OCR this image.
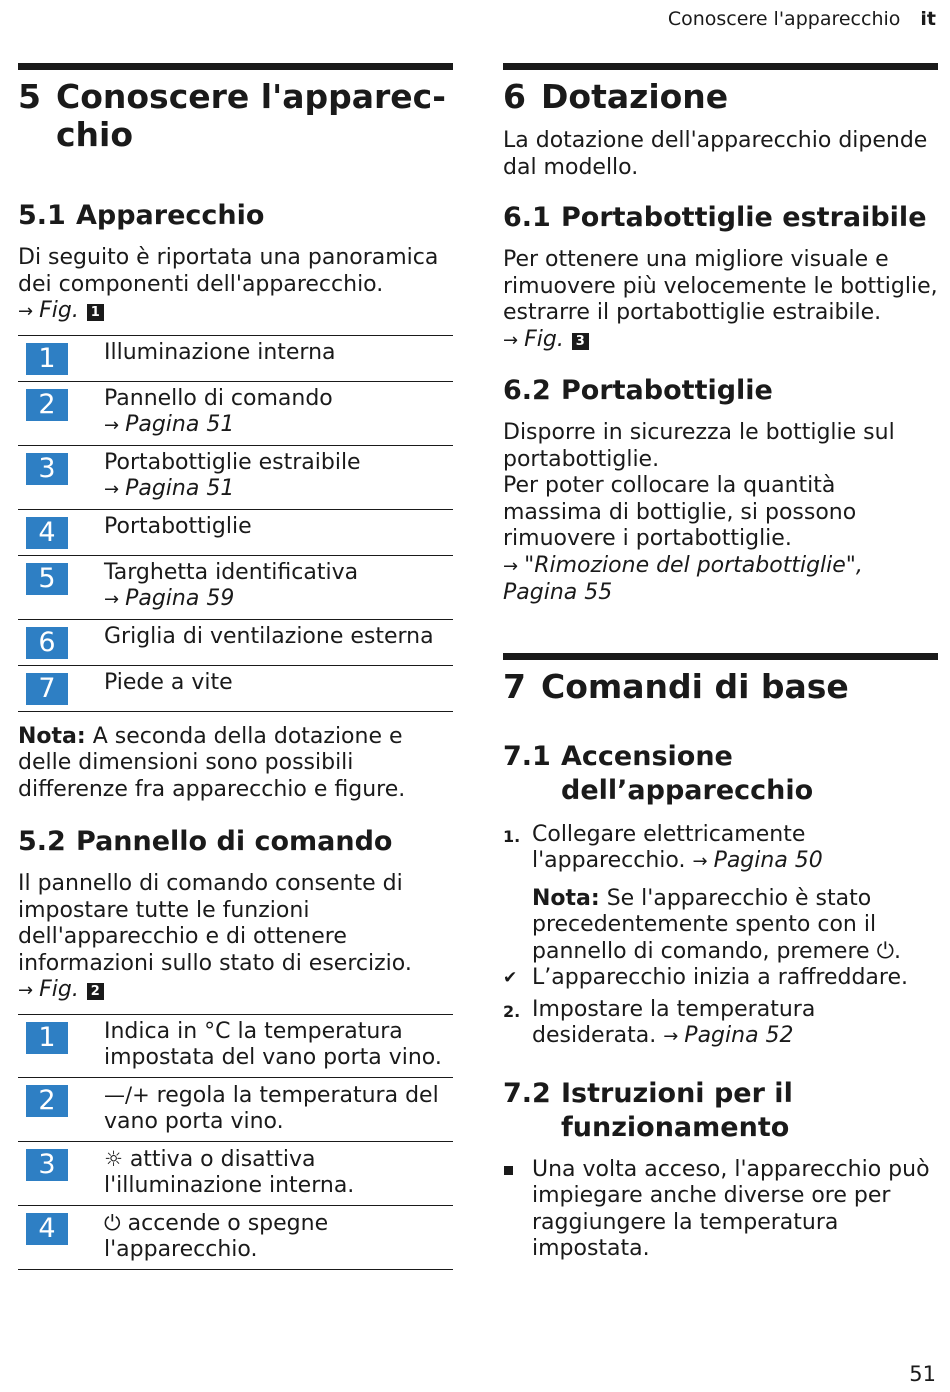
Conoscere l'apparecchio it
5 Conoscere l'apparec-chio
5.1 Apparecchio

Di seguito è riportata una panoramica dei componenti dell'apparecchio.

→ Fig. 1

1	Illuminazione interna

2	Pannello di comando
→ Pagina 51

3	Portabottiglie estraibile
→ Pagina 51

4	Portabottiglie

5	Targhetta identificativa
→ Pagina 59

6	Griglia di ventilazione esterna

7	Piede a vite

Nota: A seconda della dotazione e delle dimensioni sono possibili differenze fra apparecchio e figure.

5.2 Pannello di comando

Il pannello di comando consente di impostare tutte le funzioni dell'apparecchio e di ottenere informazioni sullo stato di esercizio.

→ Fig. 2

1	Indica in °C la temperatura impostata del vano porta vino.

2	—/+ regola la temperatura del vano porta vino.

3	☼ attiva o disattiva l'illuminazione interna.

4	⏻ accende o spegne l'apparecchio.
6 Dotazione

La dotazione dell'apparecchio dipende dal modello.

6.1 Portabottiglie estraibile

Per ottenere una migliore visuale e rimuovere più velocemente le bottiglie, estrarre il portabottiglie estraibile.

→ Fig. 3

6.2 Portabottiglie

Disporre in sicurezza le bottiglie sul portabottiglie.

Per poter collocare la quantità massima di bottiglie, si possono rimuovere i portabottiglie.

→ "Rimozione del portabottiglie",
Pagina 55

7 Comandi di base
7.1 Accensione dell’apparecchio
1. Collegare elettricamente l'apparecchio. → Pagina 50

Nota: Se l'apparecchio è stato precedentemente spento con il pannello di comando, premere ⏻.

✔ L’apparecchio inizia a raffreddare.
2. Impostare la temperatura desiderata. → Pagina 52
7.2 Istruzioni per il funzionamento
Una volta acceso, l'apparecchio può impiegare anche diverse ore per raggiungere la temperatura impostata.
51
